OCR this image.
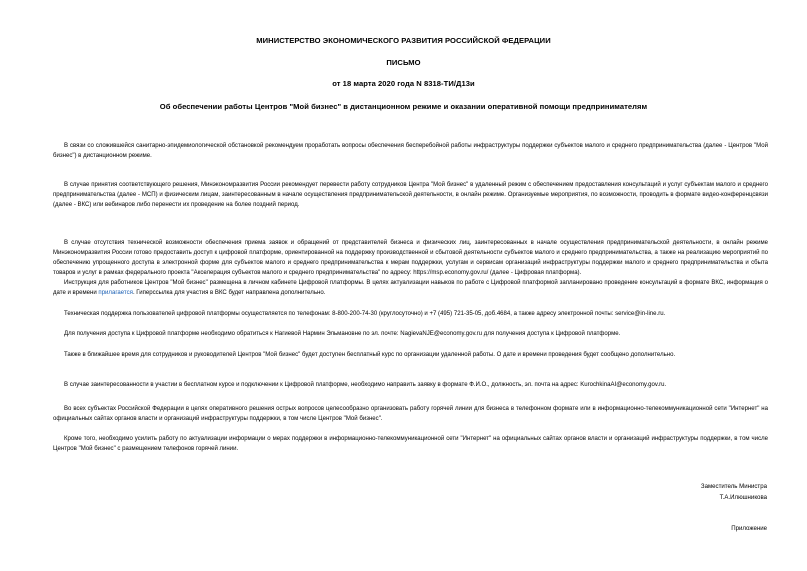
МИНИСТЕРСТВО ЭКОНОМИЧЕСКОГО РАЗВИТИЯ РОССИЙСКОЙ ФЕДЕРАЦИИ
ПИСЬМО
от 18 марта 2020 года N 8318-ТИ/Д13и
Об обеспечении работы Центров "Мой бизнес" в дистанционном режиме и оказании оперативной помощи предпринимателям

В связи со сложившейся санитарно-эпидемиологической обстановкой рекомендуем проработать вопросы обеспечения бесперебойной работы инфраструктуры поддержки субъектов малого и среднего предпринимательства (далее - Центров "Мой бизнес") в дистанционном режиме.

В случае принятия соответствующего решения, Минэкономразвития России рекомендует перевести работу сотрудников Центра "Мой бизнес" в удаленный режим с обеспечением предоставления консультаций и услуг субъектам малого и среднего предпринимательства (далее - МСП) и физическим лицам, заинтересованным в начале осуществления предпринимательской деятельности, в онлайн режиме. Организуемые мероприятия, по возможности, проводить в формате видео-конференцсвязи (далее - ВКС) или вебинаров либо перенести их проведение на более поздний период.

В случае отсутствия технической возможности обеспечения приема заявок и обращений от представителей бизнеса и физических лиц, заинтересованных в начале осуществления предпринимательской деятельности, в онлайн режиме Минэкономразвития России готово предоставить доступ к цифровой платформе, ориентированной на поддержку производственной и сбытовой деятельности субъектов малого и среднего предпринимательства, а также на реализацию мероприятий по обеспечению упрощенного доступа в электронной форме для субъектов малого и среднего предпринимательства к мерам поддержки, услугам и сервисам организаций инфраструктуры поддержки малого и среднего предпринимательства и сбыта товаров и услуг в рамках федерального проекта "Акселерация субъектов малого и среднего предпринимательства" по адресу: https://msp.economy.gov.ru/ (далее - Цифровая платформа).

Инструкция для работников Центров "Мой бизнес" размещена в личном кабинете Цифровой платформы. В целях актуализации навыков по работе с Цифровой платформой запланировано проведение консультаций в формате ВКС, информация о дате и времени прилагается. Гиперссылка для участия в ВКС будет направлена дополнительно.

Техническая поддержка пользователей цифровой платформы осуществляется по телефонам: 8-800-200-74-30 (круглосуточно) и +7 (495) 721-35-05, доб.4684, а также адресу электронной почты: service@in-line.ru.

Для получения доступа к Цифровой платформе необходимо обратиться к Нагиевой Нармин Эльмановне по эл. почте: NagievaNJE@economy.gov.ru для получения доступа к Цифровой платформе.

Также в ближайшее время для сотрудников и руководителей Центров "Мой бизнес" будет доступен бесплатный курс по организации удаленной работы. О дате и времени проведения будет сообщено дополнительно.

В случае заинтересованности в участии в бесплатном курсе и подключении к Цифровой платформе, необходимо направить заявку в формате Ф.И.О., должность, эл. почта на адрес: KurochkinaAI@economy.gov.ru.

Во всех субъектах Российской Федерации в целях оперативного решения острых вопросов целесообразно организовать работу горячей линии для бизнеса в телефонном формате или в информационно-телекоммуникационной сети "Интернет" на официальных сайтах органов власти и организаций инфраструктуры поддержки, в том числе Центров "Мой бизнес".

Кроме того, необходимо усилить работу по актуализации информации о мерах поддержки в информационно-телекоммуникационной сети "Интернет" на официальных сайтах органов власти и организаций инфраструктуры поддержки, в том числе Центров "Мой бизнес" с размещением телефонов горячей линии.

Заместитель Министра
Т.А.Илюшникова
Приложение
